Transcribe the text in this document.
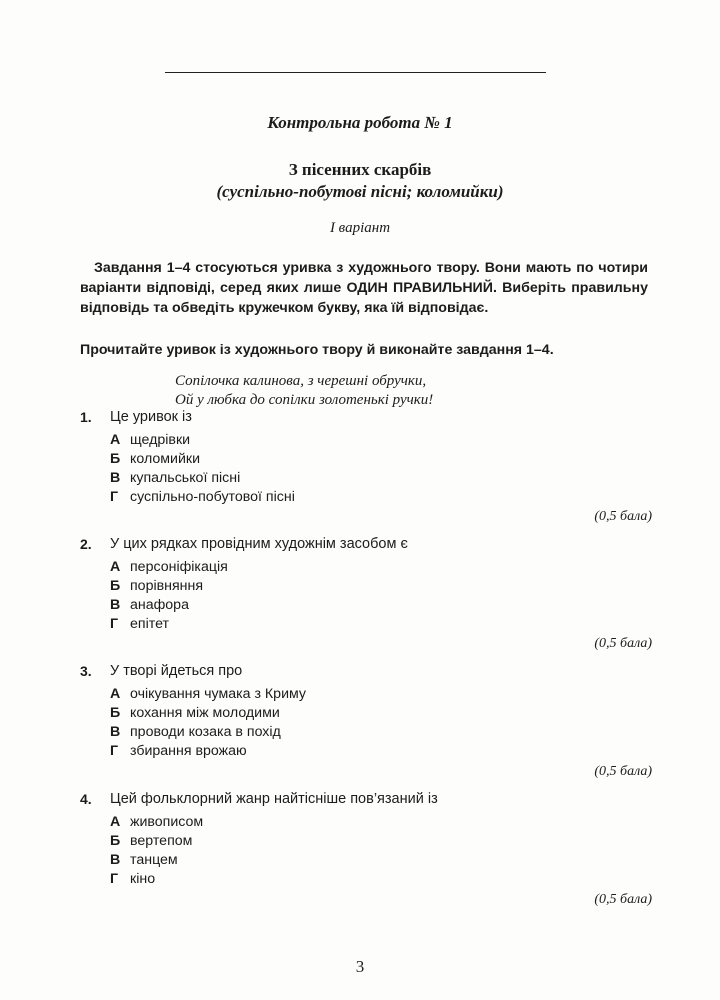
Контрольна робота № 1
З пісенних скарбів
(суспільно-побутові пісні; коломийки)
І варіант
Завдання 1–4 стосуються уривка з художнього твору. Вони мають по чотири варіанти відповіді, серед яких лише ОДИН ПРАВИЛЬНИЙ. Виберіть правильну відповідь та обведіть кружечком букву, яка їй відповідає.
Прочитайте уривок із художнього твору й виконайте завдання 1–4.
Сопілочка калинова, з черешні обручки,
Ой у любка до сопілки золотенькі ручки!
1. Це уривок із
А щедрівки
Б коломийки
В купальської пісні
Г суспільно-побутової пісні
(0,5 бала)
2. У цих рядках провідним художнім засобом є
А персоніфікація
Б порівняння
В анафора
Г епітет
(0,5 бала)
3. У творі йдеться про
А очікування чумака з Криму
Б кохання між молодими
В проводи козака в похід
Г збирання врожаю
(0,5 бала)
4. Цей фольклорний жанр найтісніше пов’язаний із
А живописом
Б вертепом
В танцем
Г кіно
(0,5 бала)
3
